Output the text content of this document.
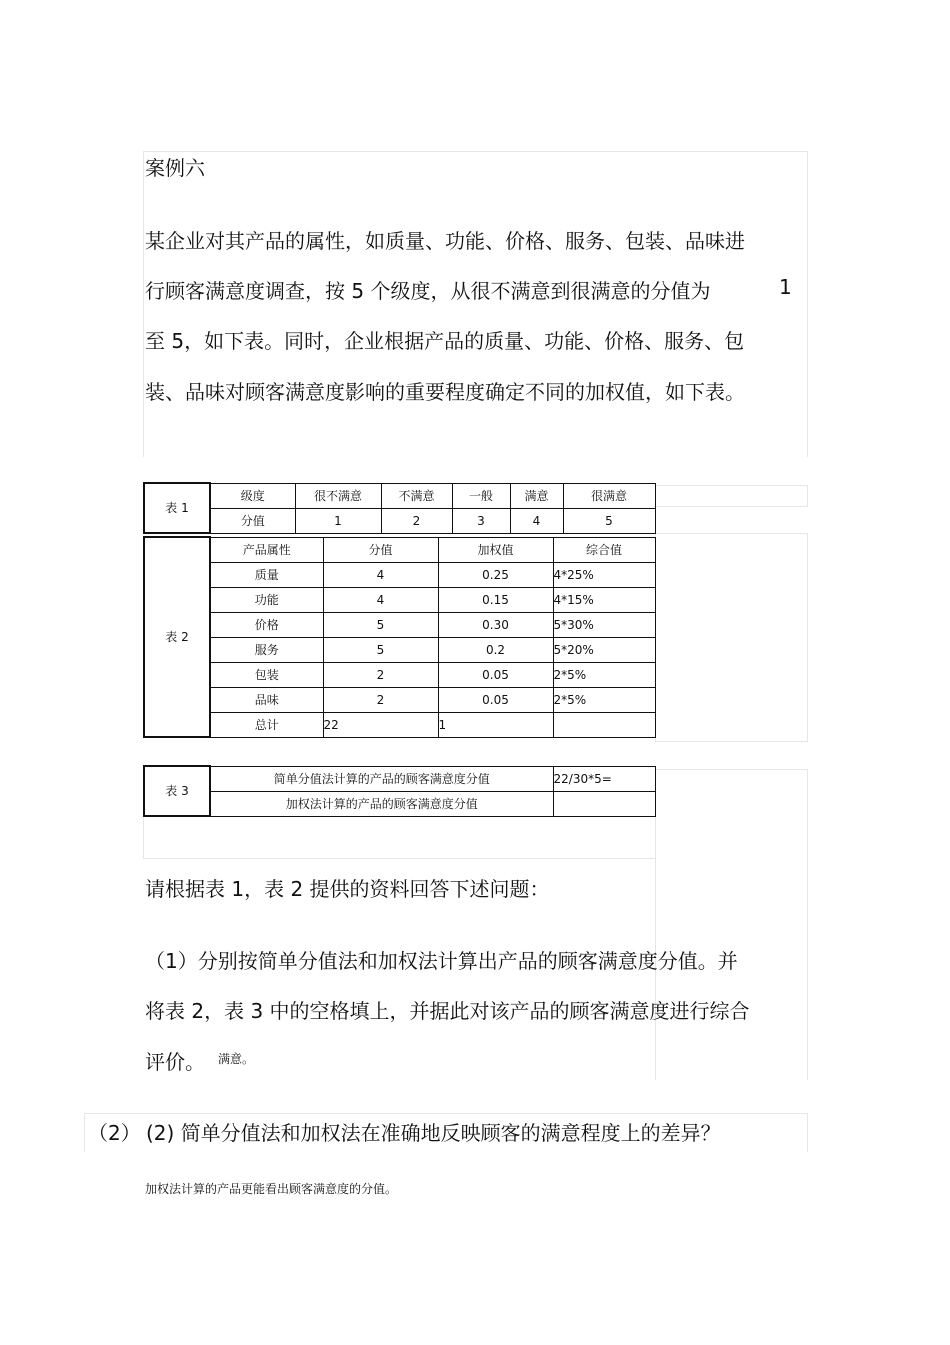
案例六
某企业对其产品的属性，如质量、功能、价格、服务、包装、品味进
行顾客满意度调查，按 5 个级度，从很不满意到很满意的分值为	1
至 5，如下表。同时，企业根据产品的质量、功能、价格、服务、包
装、品味对顾客满意度影响的重要程度确定不同的加权值，如下表。
表 1	级度	很不满意	不满意	一般	满意	很满意
	分值	1	2	3	4	5
表 2	产品属性	分值	加权值	综合值
	质量	4	0.25	4*25%
	功能	4	0.15	4*15%
	价格	5	0.30	5*30%
	服务	5	0.2	5*20%
	包装	2	0.05	2*5%
	品味	2	0.05	2*5%
	总计	22	1	
表 3	简单分值法计算的产品的顾客满意度分值	22/30*5=
	加权法计算的产品的顾客满意度分值	
请根据表 1，表 2 提供的资料回答下述问题：
（1）分别按简单分值法和加权法计算出产品的顾客满意度分值。并
将表 2，表 3 中的空格填上，并据此对该产品的顾客满意度进行综合
评价。 满意。
（2） (2) 简单分值法和加权法在准确地反映顾客的满意程度上的差异？
加权法计算的产品更能看出顾客满意度的分值。
